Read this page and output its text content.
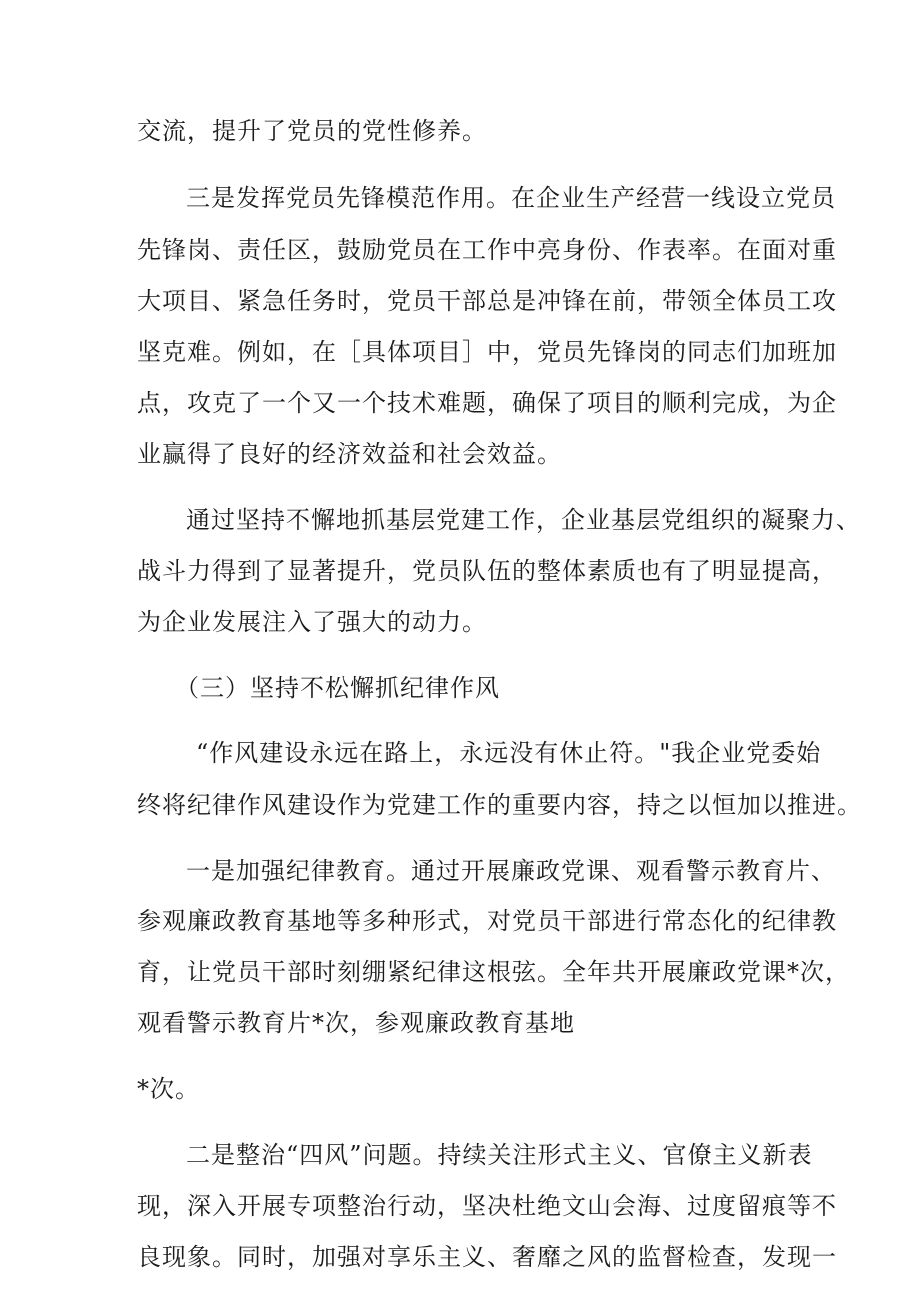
交流，提升了党员的党性修养。
三是发挥党员先锋模范作用。在企业生产经营一线设立党员
先锋岗、责任区，鼓励党员在工作中亮身份、作表率。在面对重
大项目、紧急任务时，党员干部总是冲锋在前，带领全体员工攻
坚克难。例如，在［具体项目］中，党员先锋岗的同志们加班加
点，攻克了一个又一个技术难题，确保了项目的顺利完成，为企
业赢得了良好的经济效益和社会效益。
通过坚持不懈地抓基层党建工作，企业基层党组织的凝聚力、
战斗力得到了显著提升，党员队伍的整体素质也有了明显提高，
为企业发展注入了强大的动力。
（三）坚持不松懈抓纪律作风
“作风建设永远在路上，永远没有休止符。"我企业党委始
终将纪律作风建设作为党建工作的重要内容，持之以恒加以推进。
一是加强纪律教育。通过开展廉政党课、观看警示教育片、
参观廉政教育基地等多种形式，对党员干部进行常态化的纪律教
育，让党员干部时刻绷紧纪律这根弦。全年共开展廉政党课*次，
观看警示教育片*次，参观廉政教育基地
*次。
二是整治“四风”问题。持续关注形式主义、官僚主义新表
现，深入开展专项整治行动，坚决杜绝文山会海、过度留痕等不
良现象。同时，加强对享乐主义、奢靡之风的监督检查，发现一
